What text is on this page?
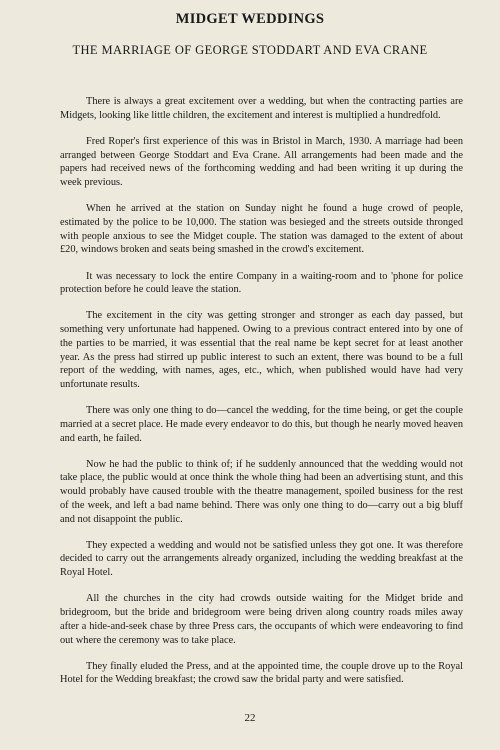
MIDGET WEDDINGS
THE MARRIAGE OF GEORGE STODDART AND EVA CRANE

There is always a great excitement over a wedding, but when the contracting parties are Midgets, looking like little children, the excitement and interest is multiplied a hundredfold.

Fred Roper's first experience of this was in Bristol in March, 1930. A marriage had been arranged between George Stoddart and Eva Crane. All arrangements had been made and the papers had received news of the forthcoming wedding and had been writing it up during the week previous.

When he arrived at the station on Sunday night he found a huge crowd of people, estimated by the police to be 10,000. The station was besieged and the streets outside thronged with people anxious to see the Midget couple. The station was damaged to the extent of about £20, windows broken and seats being smashed in the crowd's excitement.

It was necessary to lock the entire Company in a waiting-room and to 'phone for police protection before he could leave the station.

The excitement in the city was getting stronger and stronger as each day passed, but something very unfortunate had happened. Owing to a previous contract entered into by one of the parties to be married, it was essential that the real name be kept secret for at least another year. As the press had stirred up public interest to such an extent, there was bound to be a full report of the wedding, with names, ages, etc., which, when published would have had very unfortunate results.

There was only one thing to do—cancel the wedding, for the time being, or get the couple married at a secret place. He made every endeavor to do this, but though he nearly moved heaven and earth, he failed.

Now he had the public to think of; if he suddenly announced that the wedding would not take place, the public would at once think the whole thing had been an advertising stunt, and this would probably have caused trouble with the theatre management, spoiled business for the rest of the week, and left a bad name behind. There was only one thing to do—carry out a big bluff and not disappoint the public.

They expected a wedding and would not be satisfied unless they got one. It was therefore decided to carry out the arrangements already organized, including the wedding breakfast at the Royal Hotel.

All the churches in the city had crowds outside waiting for the Midget bride and bridegroom, but the bride and bridegroom were being driven along country roads miles away after a hide-and-seek chase by three Press cars, the occupants of which were endeavoring to find out where the ceremony was to take place.

They finally eluded the Press, and at the appointed time, the couple drove up to the Royal Hotel for the Wedding breakfast; the crowd saw the bridal party and were satisfied.

22
